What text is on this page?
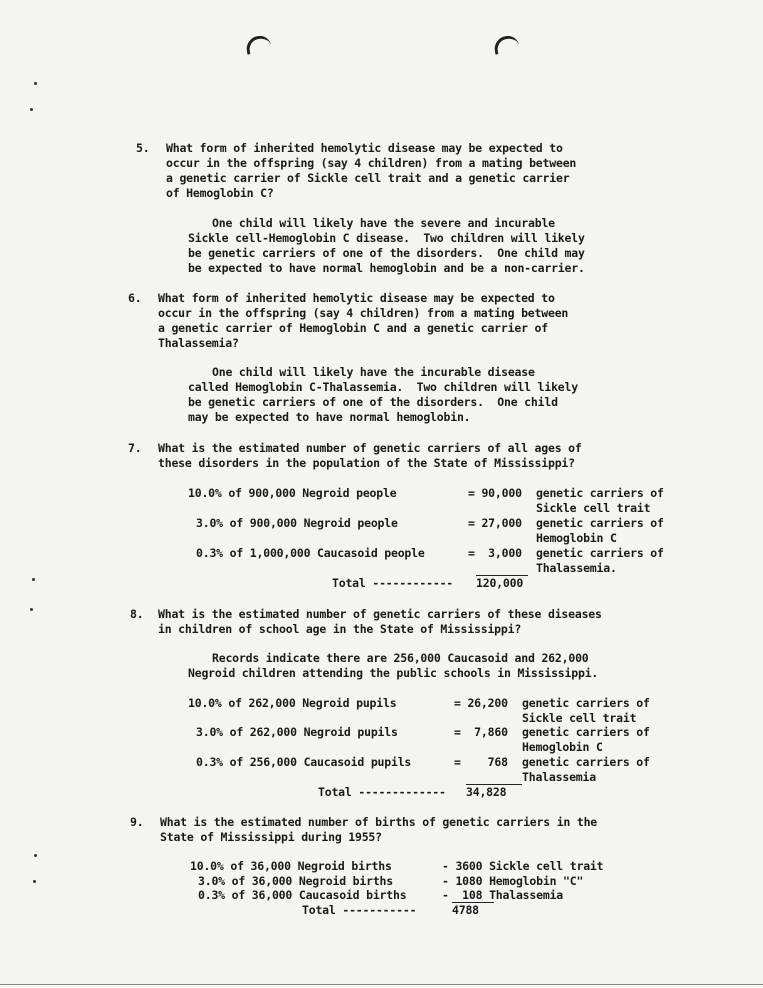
5. What form of inherited hemolytic disease may be expected to
occur in the offspring (say 4 children) from a mating between
a genetic carrier of Sickle cell trait and a genetic carrier
of Hemoglobin C?
One child will likely have the severe and incurable
Sickle cell-Hemoglobin C disease.  Two children will likely
be genetic carriers of one of the disorders.  One child may
be expected to have normal hemoglobin and be a non-carrier.
6. What form of inherited hemolytic disease may be expected to
occur in the offspring (say 4 children) from a mating between
a genetic carrier of Hemoglobin C and a genetic carrier of
Thalassemia?
One child will likely have the incurable disease
called Hemoglobin C-Thalassemia.  Two children will likely
be genetic carriers of one of the disorders.  One child
may be expected to have normal hemoglobin.
7. What is the estimated number of genetic carriers of all ages of
these disorders in the population of the State of Mississippi?
10.0% of 900,000 Negroid people	= 90,000 genetic carriers of
Sickle cell trait
3.0% of 900,000 Negroid people	= 27,000 genetic carriers of
Hemoglobin C
0.3% of 1,000,000 Caucasoid people	=  3,000 genetic carriers of
Thalassemia.
Total ------------ 120,000
8. What is the estimated number of genetic carriers of these diseases
in children of school age in the State of Mississippi?
Records indicate there are 256,000 Caucasoid and 262,000
Negroid children attending the public schools in Mississippi.
10.0% of 262,000 Negroid pupils	= 26,200 genetic carriers of
Sickle cell trait
3.0% of 262,000 Negroid pupils	=  7,860 genetic carriers of
Hemoglobin C
0.3% of 256,000 Caucasoid pupils	=    768 genetic carriers of
Thalassemia
Total ------------- 34,828
9. What is the estimated number of births of genetic carriers in the
State of Mississippi during 1955?
10.0% of 36,000 Negroid births	- 3600 Sickle cell trait
3.0% of 36,000 Negroid births	- 1080 Hemoglobin "C"
0.3% of 36,000 Caucasoid births	-  108 Thalassemia
Total -----------	4788
